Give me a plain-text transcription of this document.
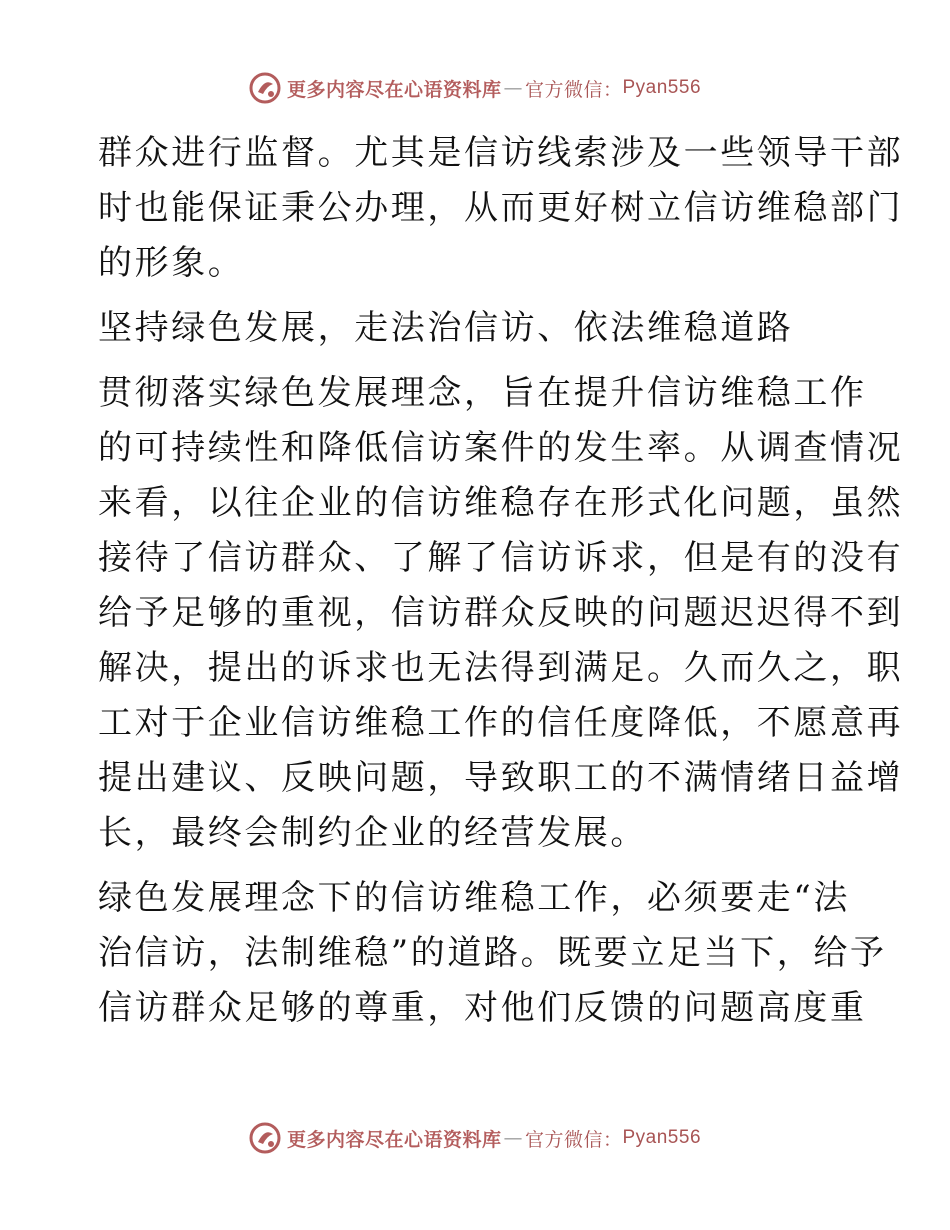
更多内容尽在心语资料库 — 官方微信： Pyan556
群众进行监督。尤其是信访线索涉及一些领导干部
时也能保证秉公办理，从而更好树立信访维稳部门
的形象。
坚持绿色发展，走法治信访、依法维稳道路
贯彻落实绿色发展理念，旨在提升信访维稳工作
的可持续性和降低信访案件的发生率。从调查情况
来看，以往企业的信访维稳存在形式化问题，虽然
接待了信访群众、了解了信访诉求，但是有的没有
给予足够的重视，信访群众反映的问题迟迟得不到
解决，提出的诉求也无法得到满足。久而久之，职
工对于企业信访维稳工作的信任度降低，不愿意再
提出建议、反映问题，导致职工的不满情绪日益增
长，最终会制约企业的经营发展。
绿色发展理念下的信访维稳工作，必须要走“法
治信访，法制维稳”的道路。既要立足当下，给予
信访群众足够的尊重，对他们反馈的问题高度重
更多内容尽在心语资料库 — 官方微信： Pyan556
